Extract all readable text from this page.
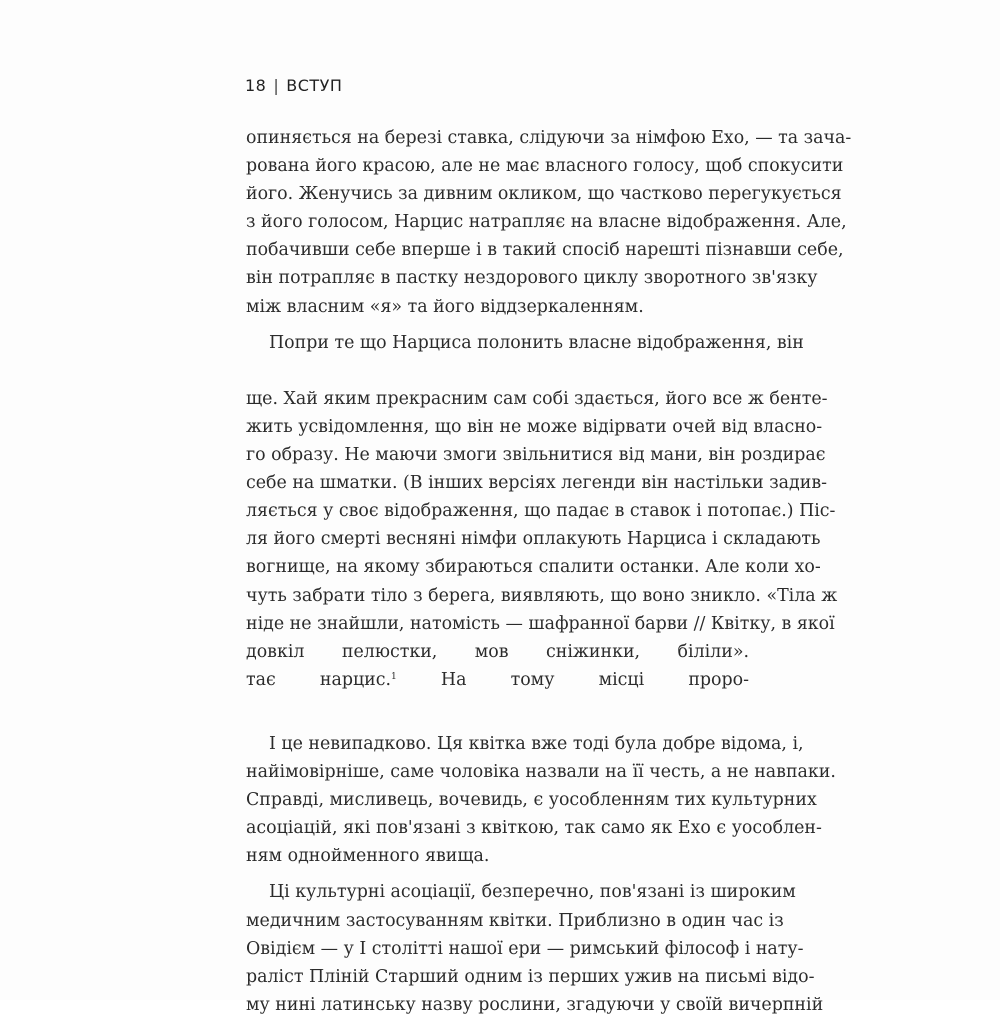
18 | ВСТУП
опиняється на березі ставка, слідуючи за німфою Ехо, — та зача-
рована його красою, але не має власного голосу, щоб спокусити
його. Женучись за дивним окликом, що частково перегукується
з його голосом, Нарцис натрапляє на власне відображення. Але,
побачивши себе вперше і в такий спосіб нарешті пізнавши себе,
він потрапляє в пастку нездорового циклу зворотного зв'язку
між власним «я» та його віддзеркаленням.
Попри те що Нарциса полонить власне відображення, він
ще. Хай яким прекрасним сам собі здається, його все ж бенте-
жить усвідомлення, що він не може відірвати очей від власно-
го образу. Не маючи змоги звільнитися від мани, він роздирає
себе на шматки. (В інших версіях легенди він настільки задив-
ляється у своє відображення, що падає в ставок і потопає.) Піс-
ля його смерті весняні німфи оплакують Нарциса і складають
вогнище, на якому збираються спалити останки. Але коли хо-
чуть забрати тіло з берега, виявляють, що воно зникло. «Тіла ж
ніде не знайшли, натомість — шафранної барви // Квітку, в якої
довкіл пелюстки, мов сніжинки, біліли».
тає нарцис.$^1$ На тому місці проро-
І це невипадково. Ця квітка вже тоді була добре відома, і,
найімовірніше, саме чоловіка назвали на її честь, а не навпаки.
Справді, мисливець, вочевидь, є уособленням тих культурних
асоціацій, які пов'язані з квіткою, так само як Ехо є уособлен-
ням однойменного явища.
Ці культурні асоціації, безперечно, пов'язані із широким
медичним застосуванням квітки. Приблизно в один час із
Овідієм — у І столітті нашої ери — римський філософ і нату-
раліст Пліній Старший одним із перших ужив на письмі відо-
му нині латинську назву рослини, згадуючи у своїй вичерпній
